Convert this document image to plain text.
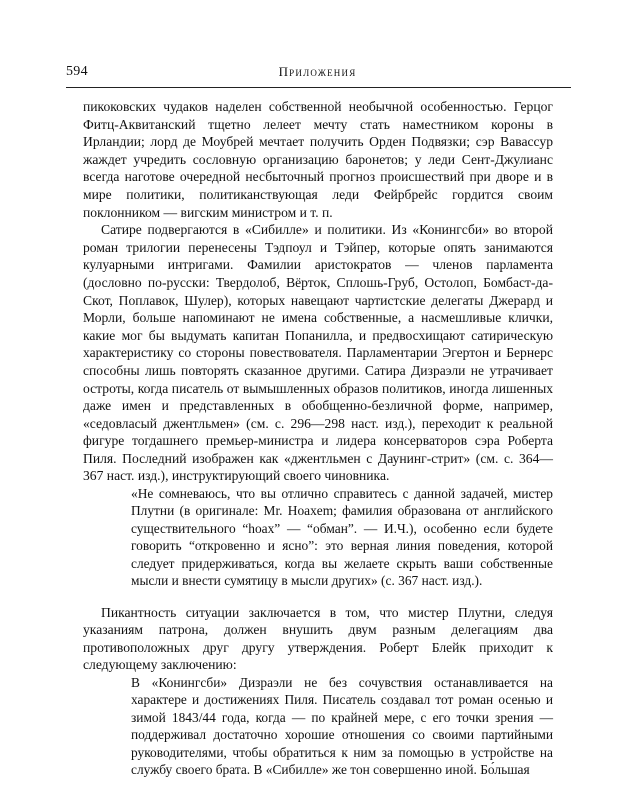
594	Приложения

пикоковских чудаков наделен собственной необычной особенностью. Герцог Фитц-Аквитанский тщетно лелеет мечту стать наместником короны в Ирландии; лорд де Моубрей мечтает получить Орден Подвязки; сэр Вавассур жаждет учредить сословную организацию баронетов; у леди Сент-Джулианс всегда наготове очередной несбыточный прогноз происшествий при дворе и в мире политики, политиканствующая леди Фейрбрейс гордится своим поклонником — вигским министром и т. п.

Сатире подвергаются в «Сибилле» и политики. Из «Конингсби» во второй роман трилогии перенесены Тэдпоул и Тэйпер, которые опять занимаются кулуарными интригами. Фамилии аристократов — членов парламента (дословно по-русски: Твердолоб, Вёрток, Сплошь-Груб, Остолоп, Бомбаст-да-Скот, Поплавок, Шулер), которых навещают чартистские делегаты Джерард и Морли, больше напоминают не имена собственные, а насмешливые клички, какие мог бы выдумать капитан Попанилла, и предвосхищают сатирическую характеристику со стороны повествователя. Парламентарии Эгертон и Бернерс способны лишь повторять сказанное другими. Сатира Дизраэли не утрачивает остроты, когда писатель от вымышленных образов политиков, иногда лишенных даже имен и представленных в обобщенно-безличной форме, например, «седовласый джентльмен» (см. с. 296—298 наст. изд.), переходит к реальной фигуре тогдашнего премьер-министра и лидера консерваторов сэра Роберта Пиля. Последний изображен как «джентльмен с Даунинг-стрит» (см. с. 364—367 наст. изд.), инструктирующий своего чиновника.

«Не сомневаюсь, что вы отлично справитесь с данной задачей, мистер Плутни (в оригинале: Mr. Hoaxem; фамилия образована от английского существительного “hoax” — “обман”. — И.Ч.), особенно если будете говорить “откровенно и ясно”: это верная линия поведения, которой следует придерживаться, когда вы желаете скрыть ваши собственные мысли и внести сумятицу в мысли других» (с. 367 наст. изд.).

Пикантность ситуации заключается в том, что мистер Плутни, следуя указаниям патрона, должен внушить двум разным делегациям два противоположных друг другу утверждения. Роберт Блейк приходит к следующему заключению:

В «Конингсби» Дизраэли не без сочувствия останавливается на характере и достижениях Пиля. Писатель создавал тот роман осенью и зимой 1843/44 года, когда — по крайней мере, с его точки зрения — поддерживал достаточно хорошие отношения со своими партийными руководителями, чтобы обратиться к ним за помощью в устройстве на службу своего брата. В «Сибилле» же тон совершенно иной. Бо́льшая
